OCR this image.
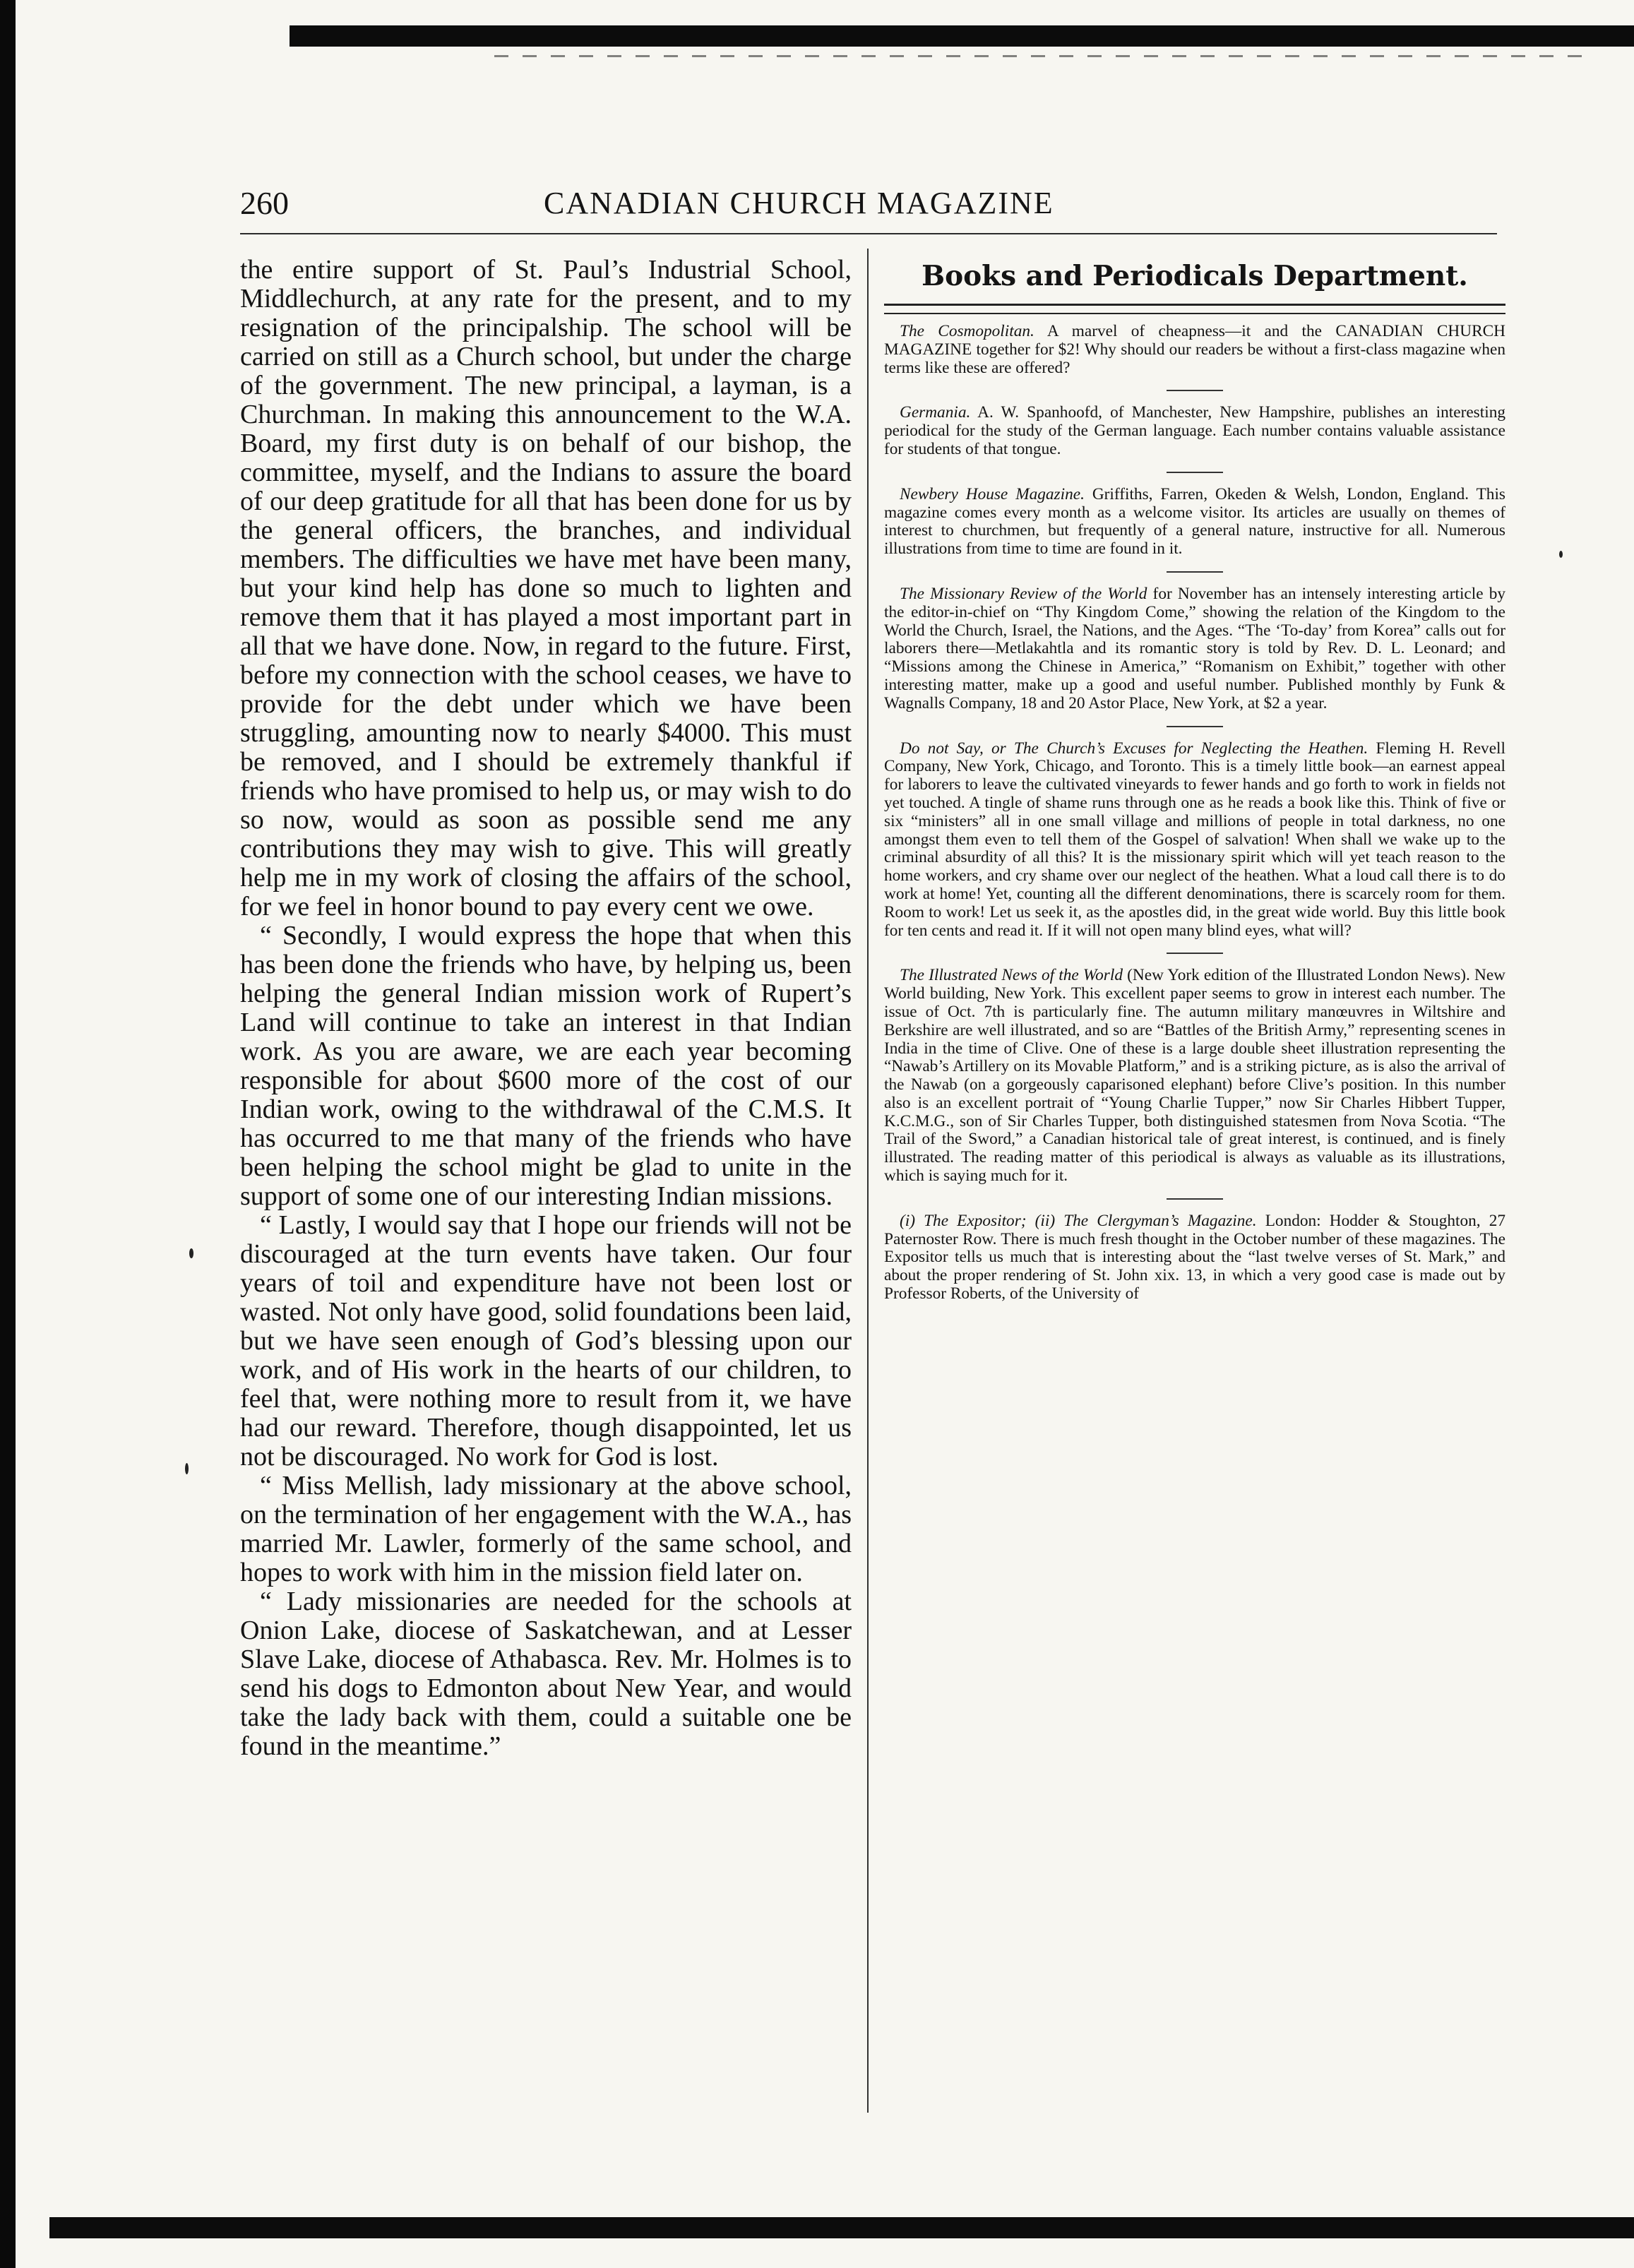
260	CANADIAN CHURCH MAGAZINE

the entire support of St. Paul’s Industrial School, Middlechurch, at any rate for the present, and to my resignation of the principalship. The school will be carried on still as a Church school, but under the charge of the government. The new principal, a layman, is a Churchman. In making this announcement to the W.A. Board, my first duty is on behalf of our bishop, the committee, myself, and the Indians to assure the board of our deep gratitude for all that has been done for us by the general officers, the branches, and individual members. The difficulties we have met have been many, but your kind help has done so much to lighten and remove them that it has played a most important part in all that we have done. Now, in regard to the future. First, before my connection with the school ceases, we have to provide for the debt under which we have been struggling, amounting now to nearly $4000. This must be removed, and I should be extremely thankful if friends who have promised to help us, or may wish to do so now, would as soon as possible send me any contributions they may wish to give. This will greatly help me in my work of closing the affairs of the school, for we feel in honor bound to pay every cent we owe.

“ Secondly, I would express the hope that when this has been done the friends who have, by helping us, been helping the general Indian mission work of Rupert’s Land will continue to take an interest in that Indian work. As you are aware, we are each year becoming responsible for about $600 more of the cost of our Indian work, owing to the withdrawal of the C.M.S. It has occurred to me that many of the friends who have been helping the school might be glad to unite in the support of some one of our interesting Indian missions.

“ Lastly, I would say that I hope our friends will not be discouraged at the turn events have taken. Our four years of toil and expenditure have not been lost or wasted. Not only have good, solid foundations been laid, but we have seen enough of God’s blessing upon our work, and of His work in the hearts of our children, to feel that, were nothing more to result from it, we have had our reward. Therefore, though disappointed, let us not be discouraged. No work for God is lost.

“ Miss Mellish, lady missionary at the above school, on the termination of her engagement with the W.A., has married Mr. Lawler, formerly of the same school, and hopes to work with him in the mission field later on.

“ Lady missionaries are needed for the schools at Onion Lake, diocese of Saskatchewan, and at Lesser Slave Lake, diocese of Athabasca. Rev. Mr. Holmes is to send his dogs to Edmonton about New Year, and would take the lady back with them, could a suitable one be found in the meantime.”

Books and Periodicals Department.

The Cosmopolitan. A marvel of cheapness—it and the CANADIAN CHURCH MAGAZINE together for $2! Why should our readers be without a first-class magazine when terms like these are offered?

Germania. A. W. Spanhoofd, of Manchester, New Hampshire, publishes an interesting periodical for the study of the German language. Each number contains valuable assistance for students of that tongue.

Newbery House Magazine. Griffiths, Farren, Okeden & Welsh, London, England. This magazine comes every month as a welcome visitor. Its articles are usually on themes of interest to churchmen, but frequently of a general nature, instructive for all. Numerous illustrations from time to time are found in it.

The Missionary Review of the World for November has an intensely interesting article by the editor-in-chief on “Thy Kingdom Come,” showing the relation of the Kingdom to the World the Church, Israel, the Nations, and the Ages. “The ‘To-day’ from Korea” calls out for laborers there—Metlakahtla and its romantic story is told by Rev. D. L. Leonard; and “Missions among the Chinese in America,” “Romanism on Exhibit,” together with other interesting matter, make up a good and useful number. Published monthly by Funk & Wagnalls Company, 18 and 20 Astor Place, New York, at $2 a year.

Do not Say, or The Church’s Excuses for Neglecting the Heathen. Fleming H. Revell Company, New York, Chicago, and Toronto. This is a timely little book—an earnest appeal for laborers to leave the cultivated vineyards to fewer hands and go forth to work in fields not yet touched. A tingle of shame runs through one as he reads a book like this. Think of five or six “ministers” all in one small village and millions of people in total darkness, no one amongst them even to tell them of the Gospel of salvation! When shall we wake up to the criminal absurdity of all this? It is the missionary spirit which will yet teach reason to the home workers, and cry shame over our neglect of the heathen. What a loud call there is to do work at home! Yet, counting all the different denominations, there is scarcely room for them. Room to work! Let us seek it, as the apostles did, in the great wide world. Buy this little book for ten cents and read it. If it will not open many blind eyes, what will?

The Illustrated News of the World (New York edition of the Illustrated London News). New World building, New York. This excellent paper seems to grow in interest each number. The issue of Oct. 7th is particularly fine. The autumn military manœuvres in Wiltshire and Berkshire are well illustrated, and so are “Battles of the British Army,” representing scenes in India in the time of Clive. One of these is a large double sheet illustration representing the “Nawab’s Artillery on its Movable Platform,” and is a striking picture, as is also the arrival of the Nawab (on a gorgeously caparisoned elephant) before Clive’s position. In this number also is an excellent portrait of “Young Charlie Tupper,” now Sir Charles Hibbert Tupper, K.C.M.G., son of Sir Charles Tupper, both distinguished statesmen from Nova Scotia. “The Trail of the Sword,” a Canadian historical tale of great interest, is continued, and is finely illustrated. The reading matter of this periodical is always as valuable as its illustrations, which is saying much for it.

(i) The Expositor; (ii) The Clergyman’s Magazine. London: Hodder & Stoughton, 27 Paternoster Row. There is much fresh thought in the October number of these magazines. The Expositor tells us much that is interesting about the “last twelve verses of St. Mark,” and about the proper rendering of St. John xix. 13, in which a very good case is made out by Professor Roberts, of the University of
